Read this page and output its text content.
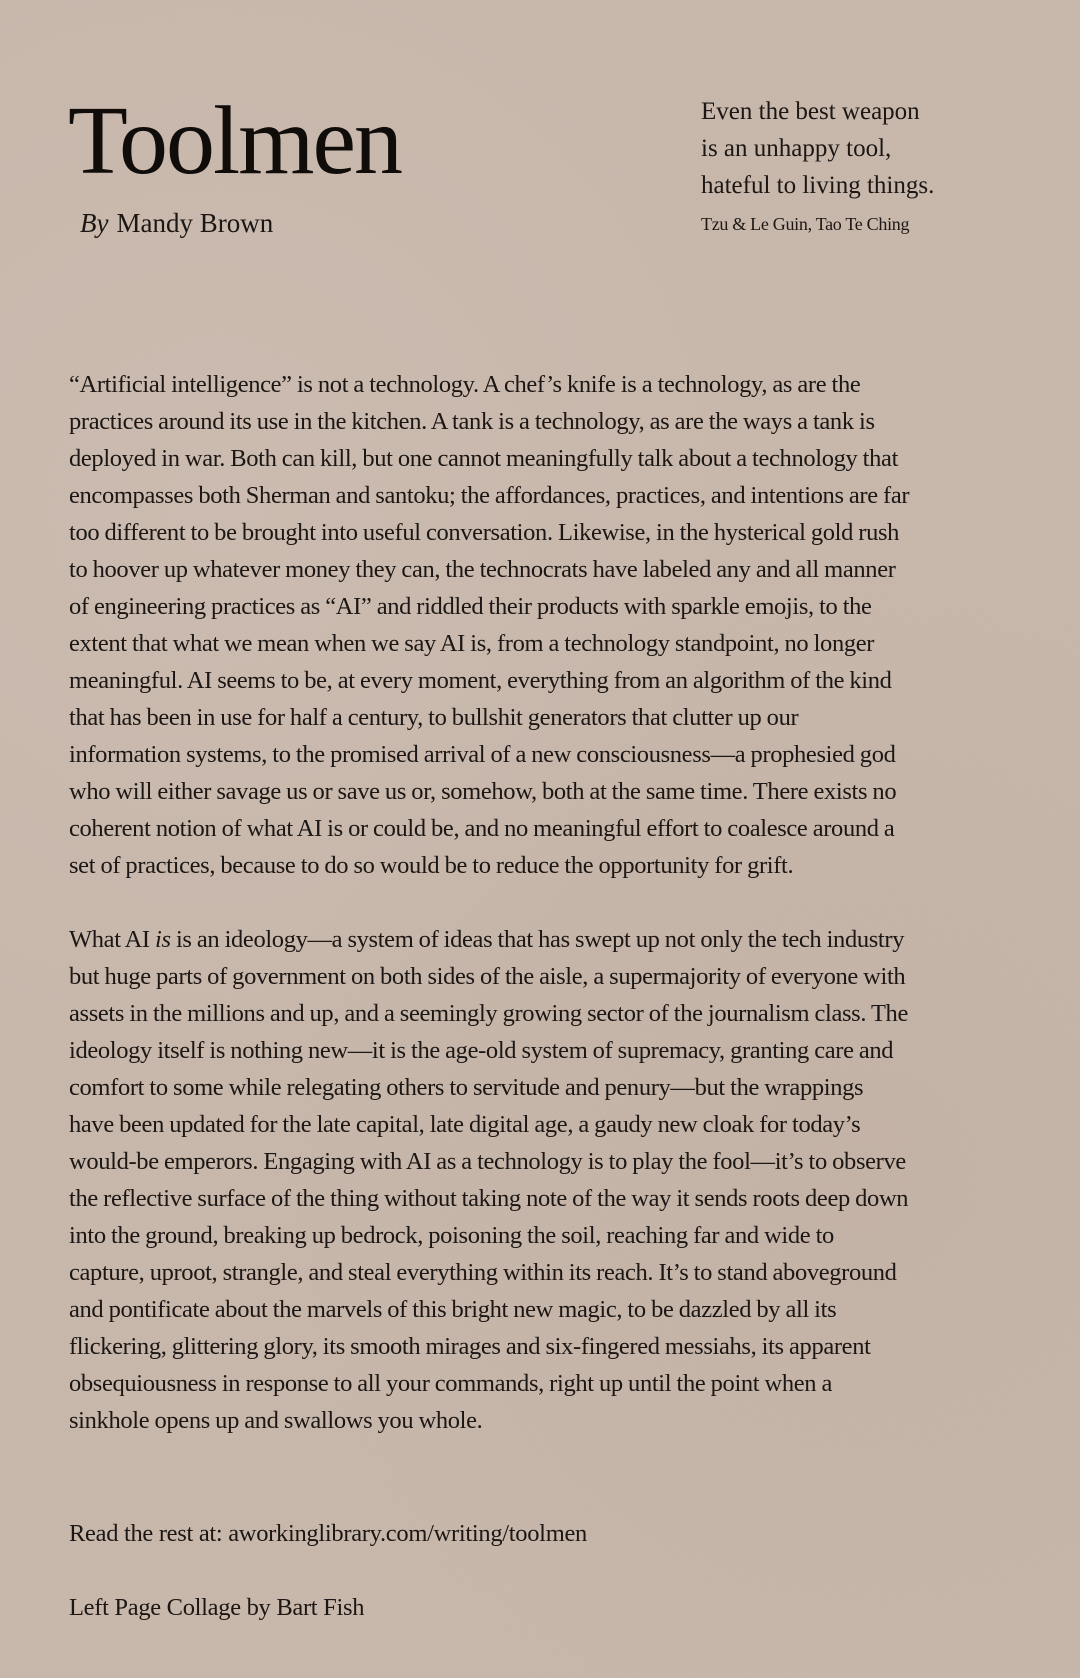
Toolmen
By Mandy Brown
Even the best weapon
is an unhappy tool,
hateful to living things.
Tzu & Le Guin, Tao Te Ching

“Artificial intelligence” is not a technology. A chef’s knife is a technology, as are the
practices around its use in the kitchen. A tank is a technology, as are the ways a tank is
deployed in war. Both can kill, but one cannot meaningfully talk about a technology that
encompasses both Sherman and santoku; the affordances, practices, and intentions are far
too different to be brought into useful conversation. Likewise, in the hysterical gold rush
to hoover up whatever money they can, the technocrats have labeled any and all manner
of engineering practices as “AI” and riddled their products with sparkle emojis, to the
extent that what we mean when we say AI is, from a technology standpoint, no longer
meaningful. AI seems to be, at every moment, everything from an algorithm of the kind
that has been in use for half a century, to bullshit generators that clutter up our
information systems, to the promised arrival of a new consciousness—a prophesied god
who will either savage us or save us or, somehow, both at the same time. There exists no
coherent notion of what AI is or could be, and no meaningful effort to coalesce around a
set of practices, because to do so would be to reduce the opportunity for grift.

What AI is is an ideology—a system of ideas that has swept up not only the tech industry
but huge parts of government on both sides of the aisle, a supermajority of everyone with
assets in the millions and up, and a seemingly growing sector of the journalism class. The
ideology itself is nothing new—it is the age-old system of supremacy, granting care and
comfort to some while relegating others to servitude and penury—but the wrappings
have been updated for the late capital, late digital age, a gaudy new cloak for today’s
would-be emperors. Engaging with AI as a technology is to play the fool—it’s to observe
the reflective surface of the thing without taking note of the way it sends roots deep down
into the ground, breaking up bedrock, poisoning the soil, reaching far and wide to
capture, uproot, strangle, and steal everything within its reach. It’s to stand aboveground
and pontificate about the marvels of this bright new magic, to be dazzled by all its
flickering, glittering glory, its smooth mirages and six-fingered messiahs, its apparent
obsequiousness in response to all your commands, right up until the point when a
sinkhole opens up and swallows you whole.

Read the rest at: aworkinglibrary.com/writing/toolmen
Left Page Collage by Bart Fish
